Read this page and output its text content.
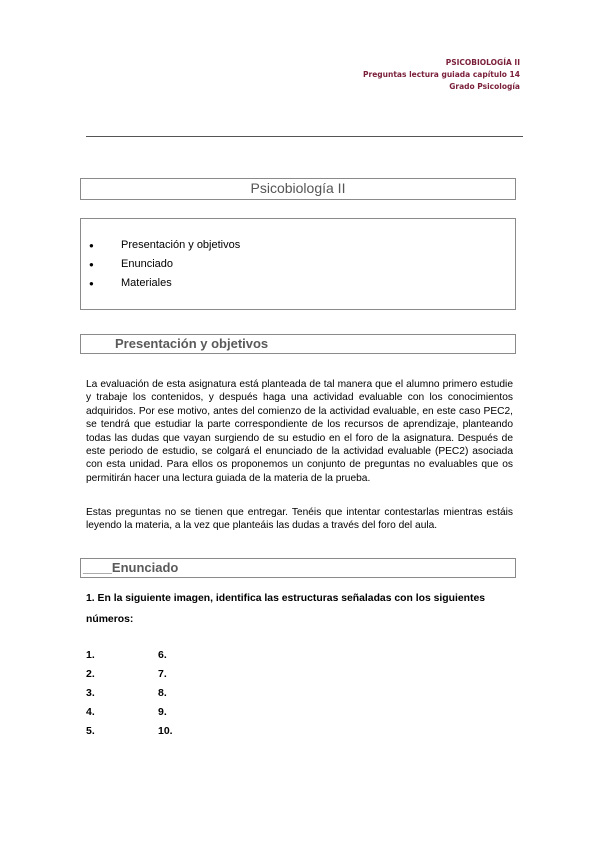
PSICOBIOLOGÍA II
Preguntas lectura guiada capítulo 14
Grado Psicología
Psicobiología II
● Presentación y objetivos
● Enunciado
● Materiales
Presentación y objetivos
La evaluación de esta asignatura está planteada de tal manera que el alumno primero estudie y trabaje los contenidos, y después haga una actividad evaluable con los conocimientos adquiridos. Por ese motivo, antes del comienzo de la actividad evaluable, en este caso PEC2, se tendrá que estudiar la parte correspondiente de los recursos de aprendizaje, planteando todas las dudas que vayan surgiendo de su estudio en el foro de la asignatura. Después de este periodo de estudio, se colgará el enunciado de la actividad evaluable (PEC2) asociada con esta unidad. Para ellos os proponemos un conjunto de preguntas no evaluables que os permitirán hacer una lectura guiada de la materia de la prueba.
Estas preguntas no se tienen que entregar. Tenéis que intentar contestarlas mientras estáis leyendo la materia, a la vez que planteáis las dudas a través del foro del aula.
____Enunciado
1. En la siguiente imagen, identifica las estructuras señaladas con los siguientes números:
1.
2.
3.
4.
5.
6.
7.
8.
9.
10.
